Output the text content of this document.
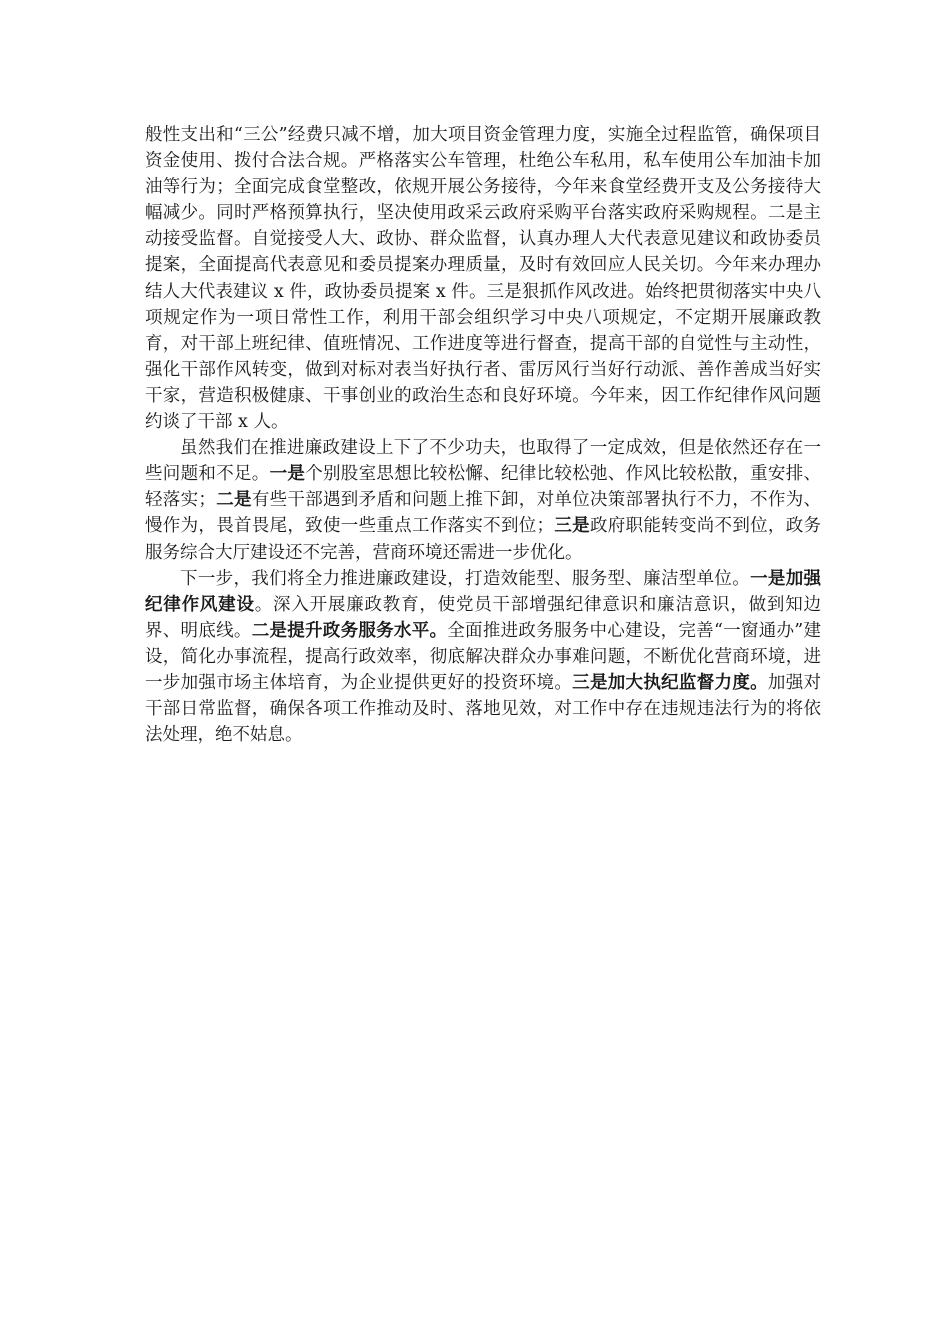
般性支出和“三公”经费只减不增，加大项目资金管理力度，实施全过程监管，确保项目资金使用、拨付合法合规。严格落实公车管理，杜绝公车私用，私车使用公车加油卡加油等行为；全面完成食堂整改，依规开展公务接待，今年来食堂经费开支及公务接待大幅减少。同时严格预算执行，坚决使用政采云政府采购平台落实政府采购规程。二是主动接受监督。自觉接受人大、政协、群众监督，认真办理人大代表意见建议和政协委员提案，全面提高代表意见和委员提案办理质量，及时有效回应人民关切。今年来办理办结人大代表建议 x 件，政协委员提案 x 件。三是狠抓作风改进。始终把贯彻落实中央八项规定作为一项日常性工作，利用干部会组织学习中央八项规定，不定期开展廉政教育，对干部上班纪律、值班情况、工作进度等进行督查，提高干部的自觉性与主动性，强化干部作风转变，做到对标对表当好执行者、雷厉风行当好行动派、善作善成当好实干家，营造积极健康、干事创业的政治生态和良好环境。今年来，因工作纪律作风问题约谈了干部 x 人。

虽然我们在推进廉政建设上下了不少功夫，也取得了一定成效，但是依然还存在一些问题和不足。一是个别股室思想比较松懈、纪律比较松弛、作风比较松散，重安排、轻落实；二是有些干部遇到矛盾和问题上推下卸，对单位决策部署执行不力，不作为、慢作为，畏首畏尾，致使一些重点工作落实不到位；三是政府职能转变尚不到位，政务服务综合大厅建设还不完善，营商环境还需进一步优化。

下一步，我们将全力推进廉政建设，打造效能型、服务型、廉洁型单位。一是加强纪律作风建设。深入开展廉政教育，使党员干部增强纪律意识和廉洁意识，做到知边界、明底线。二是提升政务服务水平。全面推进政务服务中心建设，完善“一窗通办”建设，简化办事流程，提高行政效率，彻底解决群众办事难问题，不断优化营商环境，进一步加强市场主体培育，为企业提供更好的投资环境。三是加大执纪监督力度。加强对干部日常监督，确保各项工作推动及时、落地见效，对工作中存在违规违法行为的将依法处理，绝不姑息。
